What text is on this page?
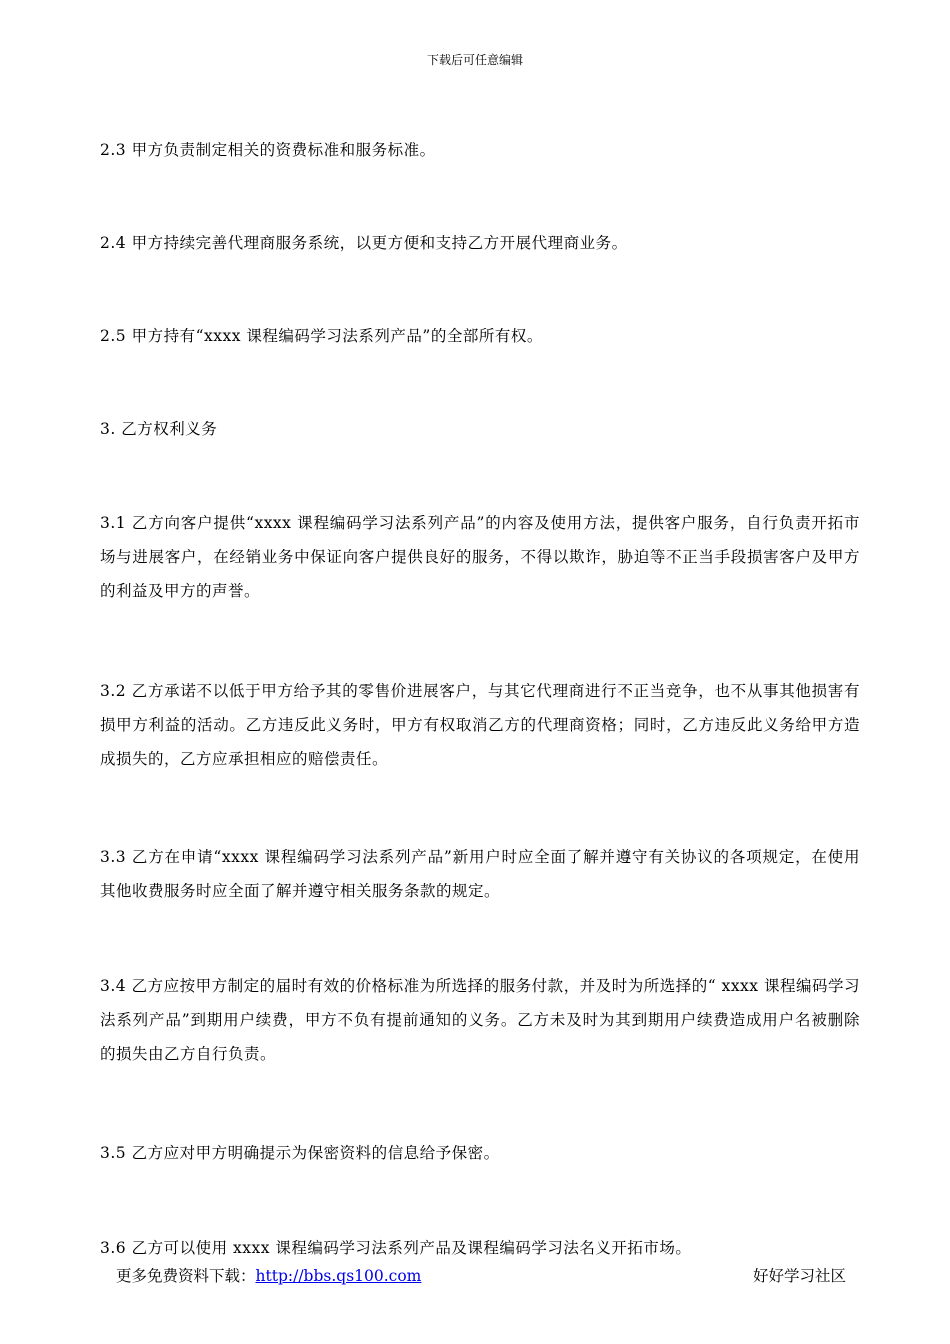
下载后可任意编辑

2.3 甲方负责制定相关的资费标准和服务标准。

2.4 甲方持续完善代理商服务系统，以更方便和支持乙方开展代理商业务。

2.5 甲方持有“xxxx 课程编码学习法系列产品”的全部所有权。

3. 乙方权利义务

3.1 乙方向客户提供“xxxx 课程编码学习法系列产品”的内容及使用方法，提供客户服务，自行负责开拓市场与进展客户，在经销业务中保证向客户提供良好的服务，不得以欺诈，胁迫等不正当手段损害客户及甲方的利益及甲方的声誉。

3.2 乙方承诺不以低于甲方给予其的零售价进展客户，与其它代理商进行不正当竞争，也不从事其他损害有损甲方利益的活动。乙方违反此义务时，甲方有权取消乙方的代理商资格；同时，乙方违反此义务给甲方造成损失的，乙方应承担相应的赔偿责任。

3.3 乙方在申请“xxxx 课程编码学习法系列产品”新用户时应全面了解并遵守有关协议的各项规定，在使用其他收费服务时应全面了解并遵守相关服务条款的规定。

3.4 乙方应按甲方制定的届时有效的价格标准为所选择的服务付款，并及时为所选择的“ xxxx 课程编码学习法系列产品”到期用户续费，甲方不负有提前通知的义务。乙方未及时为其到期用户续费造成用户名被删除的损失由乙方自行负责。

3.5 乙方应对甲方明确提示为保密资料的信息给予保密。

3.6 乙方可以使用 xxxx 课程编码学习法系列产品及课程编码学习法名义开拓市场。

更多免费资料下载：http://bbs.qs100.com	好好学习社区
